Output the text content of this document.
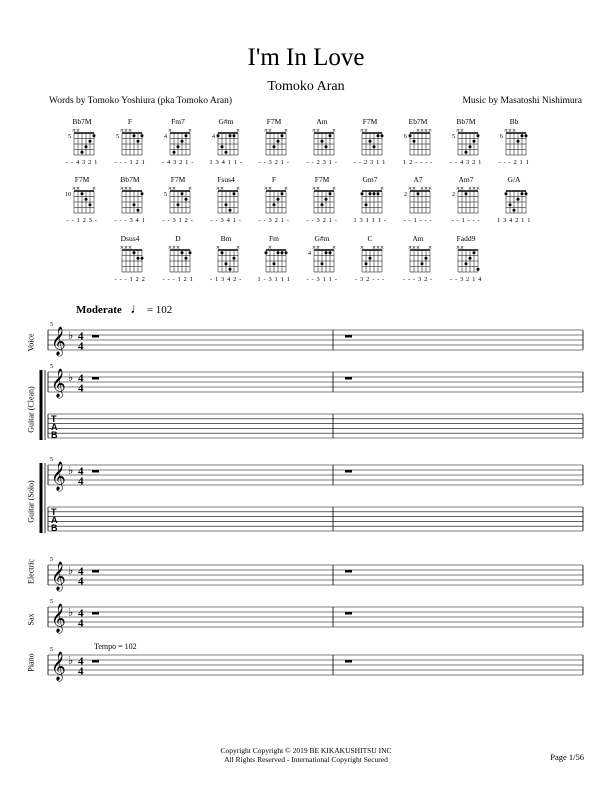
I'm In Love
Tomoko Aran
Words by Tomoko Yoshiura (pka Tomoko Aran)	Music by Masatoshi Nishimura
Bb7M
× ×
5
- - 4 3 2 1
F
× × ×
5
- - - 1 2 1
Fm7
×	×
4
- 4 3 2 1 -
G#m
×
4
1 3 4 1 1 -
F7M
× × ×
- - 3 2 1 -
Am
× × ×
- - 2 3 1 -
F7M
× ×
- - 2 3 1 1
Eb7M
× × × ×
6
1 2 - - - -
Bb7M
× ×
5
- - 4 3 2 1
Bb
× × ×
6
- - - 2 1 1
F7M
× × ×
10
- - 1 2 3 -
Bb7M
× × ×
- - - 3 4 1
F7M
× × ×
5
- - 3 1 2 -
Fsus4
× × ×
- - 3 4 1 -
F
× × ×
- - 3 2 1 -
F7M
× × ×
- - 3 2 1 -
Gm7
×
1 3 1 1 1 -
A7
× × × × ×
2
- - 1 - - -
Am7
× × × × ×
2
- - 1 - - -
G/A
1 3 4 2 1 1
Dsus4
× × ×
- - - 1 2 2
D
× × ×
- - - 1 2 1
Bm
×	×
- 1 3 4 2 -
Fm
×
1 - 3 1 1 1
G#m
× × ×
4
- - 3 1 1 -
C
× × × ×
- 3 2 - - -
Am
× × × ×
- - - 3 2 -
Fadd9
× ×
- - 3 2 1 4
Moderate ♩ = 102
𝄞 ♭ 4
4
5
𝄞 ♭ 4
4
5
T
A
B
𝄞 ♭ 4
4
5
T
A
B
𝄞 ♭ 4
4
5
𝄞 ♭ 4
4
5
𝄞 ♭ 4
4
5
Voice
Guitar (Clean)
Guitar (Solo)
Electric
Sax
Piano
Tempo = 102
Copyright Copyright © 2019 BE KIKAKUSHITSU INC
All Rights Reserved - International Copyright Secured	Page 1/56
